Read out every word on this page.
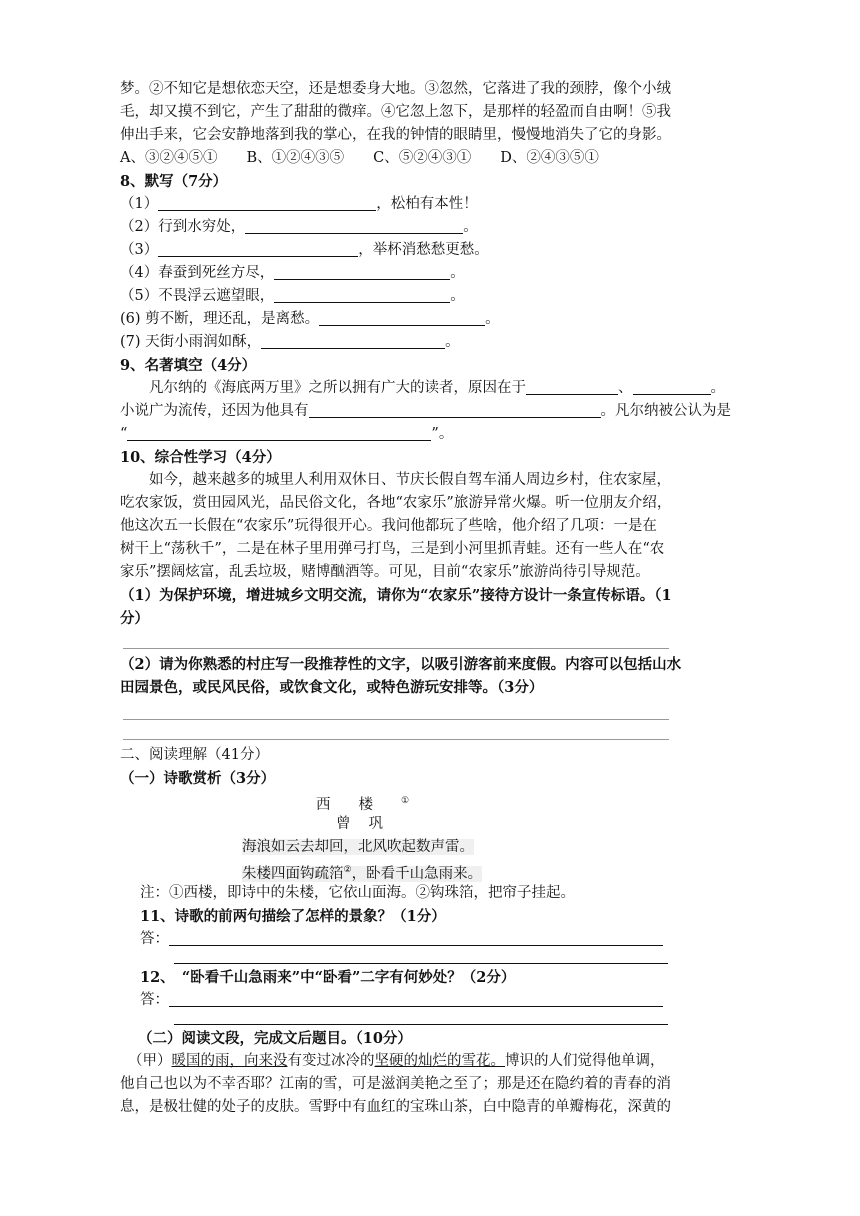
梦。②不知它是想依恋天空，还是想委身大地。③忽然，它落进了我的颈脖，像个小绒
毛，却又摸不到它，产生了甜甜的微痒。④它忽上忽下，是那样的轻盈而自由啊！⑤我
伸出手来，它会安静地落到我的掌心，在我的钟情的眼睛里，慢慢地消失了它的身影。
A、③②④⑤①　　B、①②④③⑤　　C、⑤②④③①　　D、②④③⑤①
8、默写（7分）
（1）	，松柏有本性！
（2）行到水穷处，	。
（3）	，举杯消愁愁更愁。
（4）春蚕到死丝方尽，	。
（5）不畏浮云遮望眼，	。
(6) 剪不断，理还乱，是离愁。	。
(7) 天街小雨润如酥，	。
9、名著填空（4分）
凡尔纳的《海底两万里》之所以拥有广大的读者，原因在于	、	。
小说广为流传，还因为他具有	。凡尔纳被公认为是
“	”。
10、综合性学习（4分）
如今，越来越多的城里人利用双休日、节庆长假自驾车涌人周边乡村，住农家屋，
吃农家饭，赏田园风光，品民俗文化，各地“农家乐”旅游异常火爆。听一位朋友介绍，
他这次五一长假在“农家乐”玩得很开心。我问他都玩了些啥，他介绍了几项：一是在
树干上“荡秋千”，二是在林子里用弹弓打鸟，三是到小河里抓青蛙。还有一些人在“农
家乐”摆阔炫富，乱丢垃圾，赌博酗酒等。可见，目前“农家乐”旅游尚待引导规范。
（1）为保护环境，增进城乡文明交流，请你为“农家乐”接待方设计一条宣传标语。（1
分）
（2）请为你熟悉的村庄写一段推荐性的文字，以吸引游客前来度假。内容可以包括山水
田园景色，或民风民俗，或饮食文化，或特色游玩安排等。（3分）
二、阅读理解（41分）
（一）诗歌赏析（3分）
西楼①
曾巩
海浪如云去却回，北风吹起数声雷。
朱楼四面钩疏箔②，卧看千山急雨来。
注：①西楼，即诗中的朱楼，它依山面海。②钩珠箔，把帘子挂起。
11、诗歌的前两句描绘了怎样的景象？（1分）
答：
12、　“卧看千山急雨来”中“卧看”二字有何妙处？（2分）
答：
（二）阅读文段，完成文后题目。（10分）
（甲）暖国的雨，向来没有变过冰冷的坚硬的灿烂的雪花。博识的人们觉得他单调，
他自己也以为不幸否耶？江南的雪，可是滋润美艳之至了；那是还在隐约着的青春的消
息，是极壮健的处子的皮肤。雪野中有血红的宝珠山茶，白中隐青的单瓣梅花，深黄的
